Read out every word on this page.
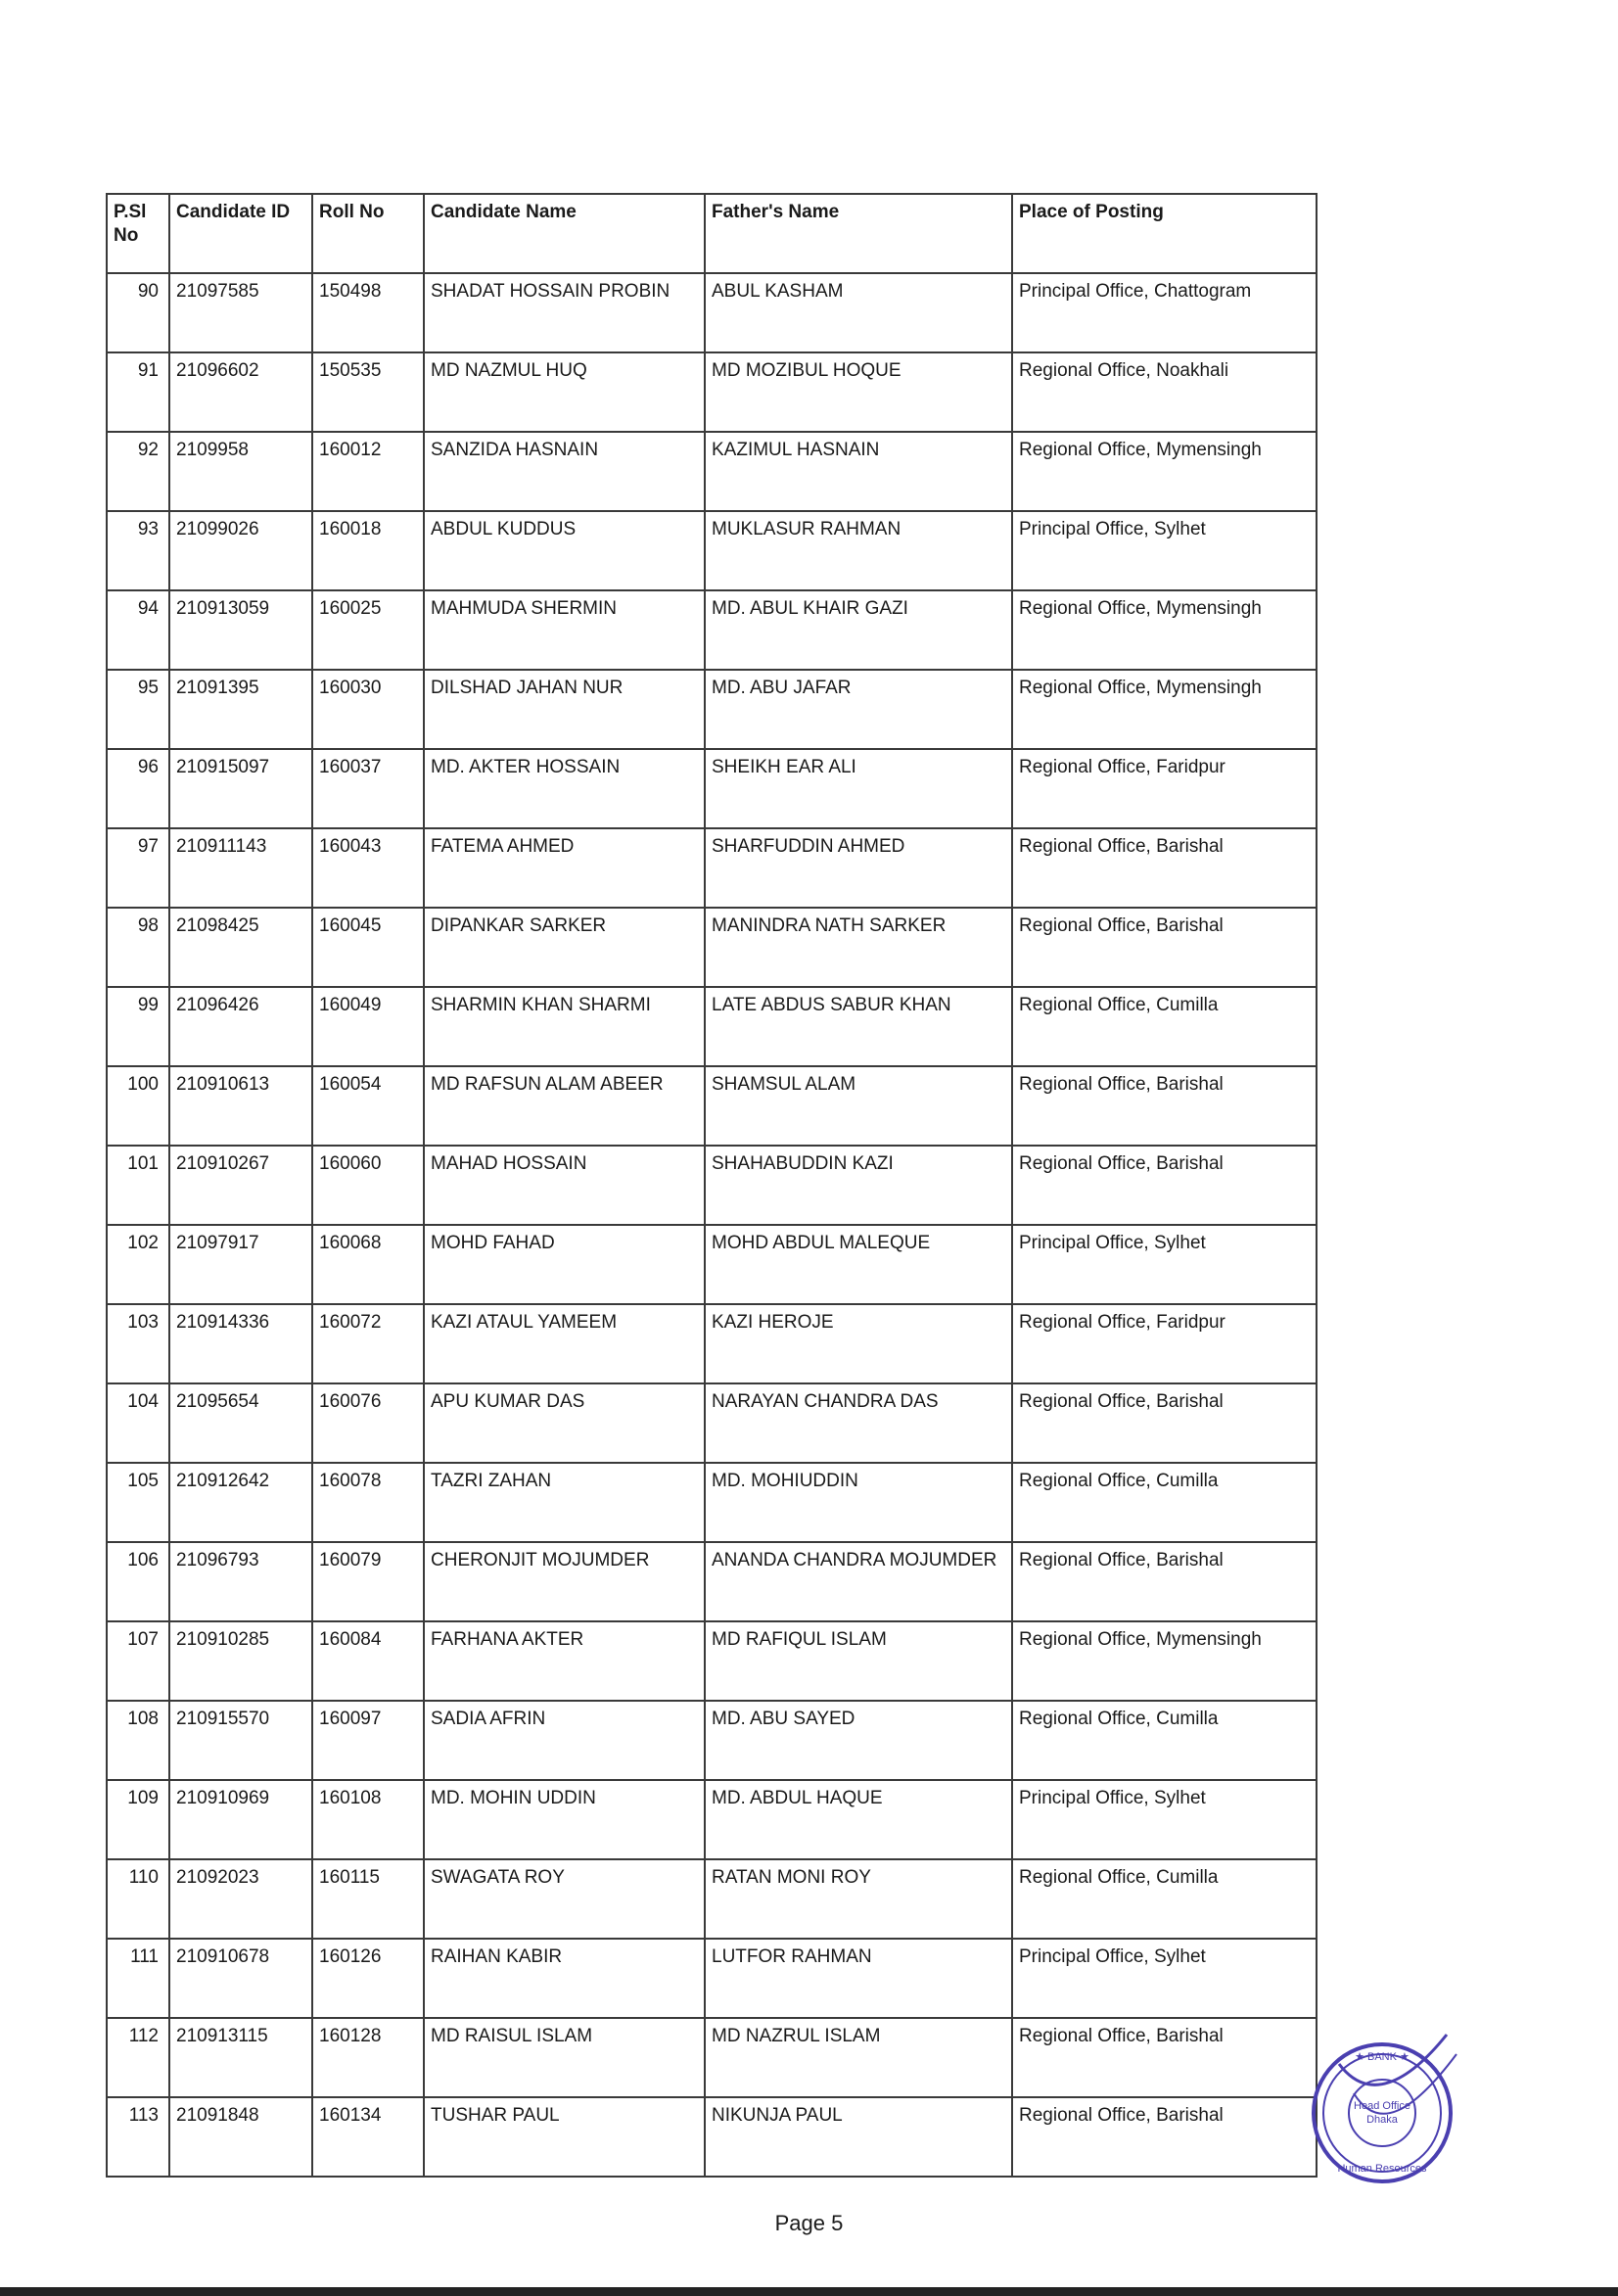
P.Sl No	Candidate ID	Roll No	Candidate Name	Father's Name	Place of Posting
90	21097585	150498	SHADAT HOSSAIN PROBIN	ABUL KASHAM	Principal Office, Chattogram
91	21096602	150535	MD NAZMUL HUQ	MD MOZIBUL HOQUE	Regional Office, Noakhali
92	2109958	160012	SANZIDA HASNAIN	KAZIMUL HASNAIN	Regional Office, Mymensingh
93	21099026	160018	ABDUL KUDDUS	MUKLASUR RAHMAN	Principal Office, Sylhet
94	210913059	160025	MAHMUDA SHERMIN	MD. ABUL KHAIR GAZI	Regional Office, Mymensingh
95	21091395	160030	DILSHAD JAHAN NUR	MD. ABU JAFAR	Regional Office, Mymensingh
96	210915097	160037	MD. AKTER HOSSAIN	SHEIKH EAR ALI	Regional Office, Faridpur
97	210911143	160043	FATEMA AHMED	SHARFUDDIN AHMED	Regional Office, Barishal
98	21098425	160045	DIPANKAR SARKER	MANINDRA NATH SARKER	Regional Office, Barishal
99	21096426	160049	SHARMIN KHAN SHARMI	LATE ABDUS SABUR KHAN	Regional Office, Cumilla
100	210910613	160054	MD RAFSUN ALAM ABEER	SHAMSUL ALAM	Regional Office, Barishal
101	210910267	160060	MAHAD HOSSAIN	SHAHABUDDIN KAZI	Regional Office, Barishal
102	21097917	160068	MOHD FAHAD	MOHD ABDUL MALEQUE	Principal Office, Sylhet
103	210914336	160072	KAZI ATAUL YAMEEM	KAZI HEROJE	Regional Office, Faridpur
104	21095654	160076	APU KUMAR DAS	NARAYAN CHANDRA DAS	Regional Office, Barishal
105	210912642	160078	TAZRI ZAHAN	MD. MOHIUDDIN	Regional Office, Cumilla
106	21096793	160079	CHERONJIT MOJUMDER	ANANDA CHANDRA MOJUMDER	Regional Office, Barishal
107	210910285	160084	FARHANA AKTER	MD RAFIQUL ISLAM	Regional Office, Mymensingh
108	210915570	160097	SADIA AFRIN	MD. ABU SAYED	Regional Office, Cumilla
109	210910969	160108	MD. MOHIN UDDIN	MD. ABDUL HAQUE	Principal Office, Sylhet
110	21092023	160115	SWAGATA ROY	RATAN MONI ROY	Regional Office, Cumilla
111	210910678	160126	RAIHAN KABIR	LUTFOR RAHMAN	Principal Office, Sylhet
112	210913115	160128	MD RAISUL ISLAM	MD NAZRUL ISLAM	Regional Office, Barishal
113	21091848	160134	TUSHAR PAUL	NIKUNJA PAUL	Regional Office, Barishal
★ BANK ★
Head Office
Dhaka
Human Resources
Page 5
